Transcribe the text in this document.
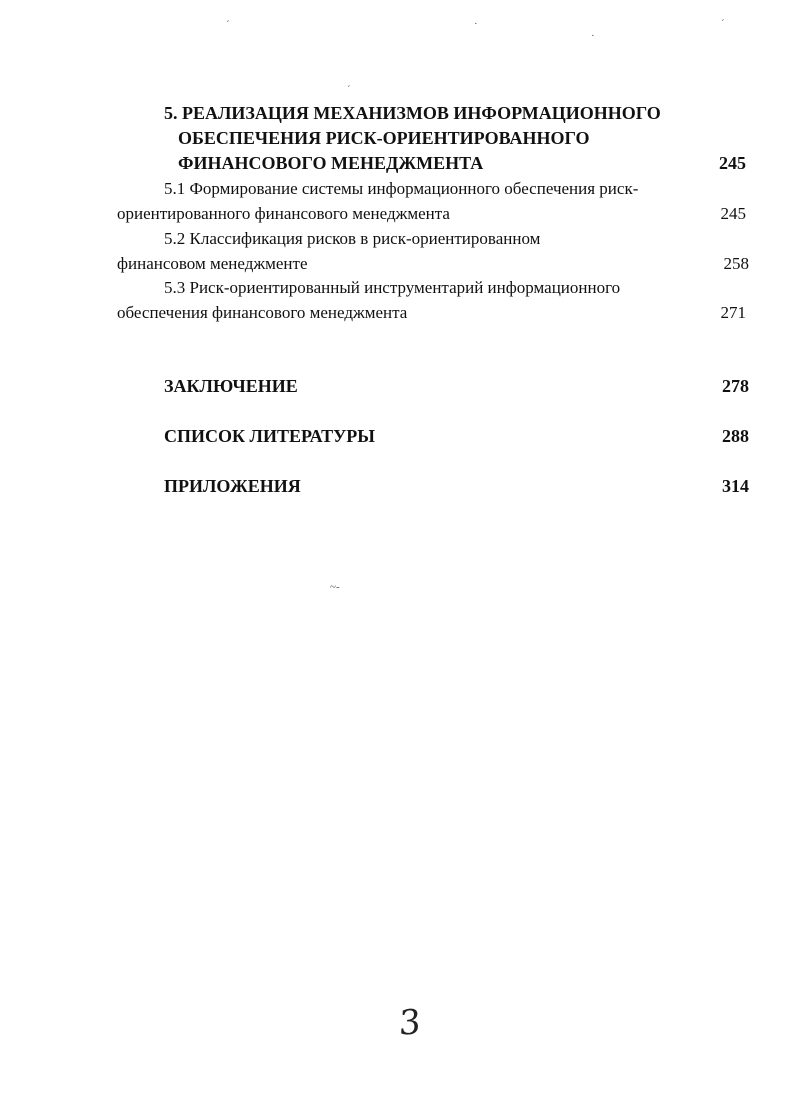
ˊ	·
·
ˊ
ˊ
~-
5. РЕАЛИЗАЦИЯ МЕХАНИЗМОВ ИНФОРМАЦИОННОГО
ОБЕСПЕЧЕНИЯ РИСК-ОРИЕНТИРОВАННОГО
ФИНАНСОВОГО МЕНЕДЖМЕНТА	245
5.1 Формирование системы информационного обеспечения риск-
ориентированного финансового менеджмента	245
5.2 Классификация рисков в риск-ориентированном
финансовом менеджменте	258
5.3 Риск-ориентированный инструментарий информационного
обеспечения финансового менеджмента	271
ЗАКЛЮЧЕНИЕ	278
СПИСОК ЛИТЕРАТУРЫ	288
ПРИЛОЖЕНИЯ	314
3
